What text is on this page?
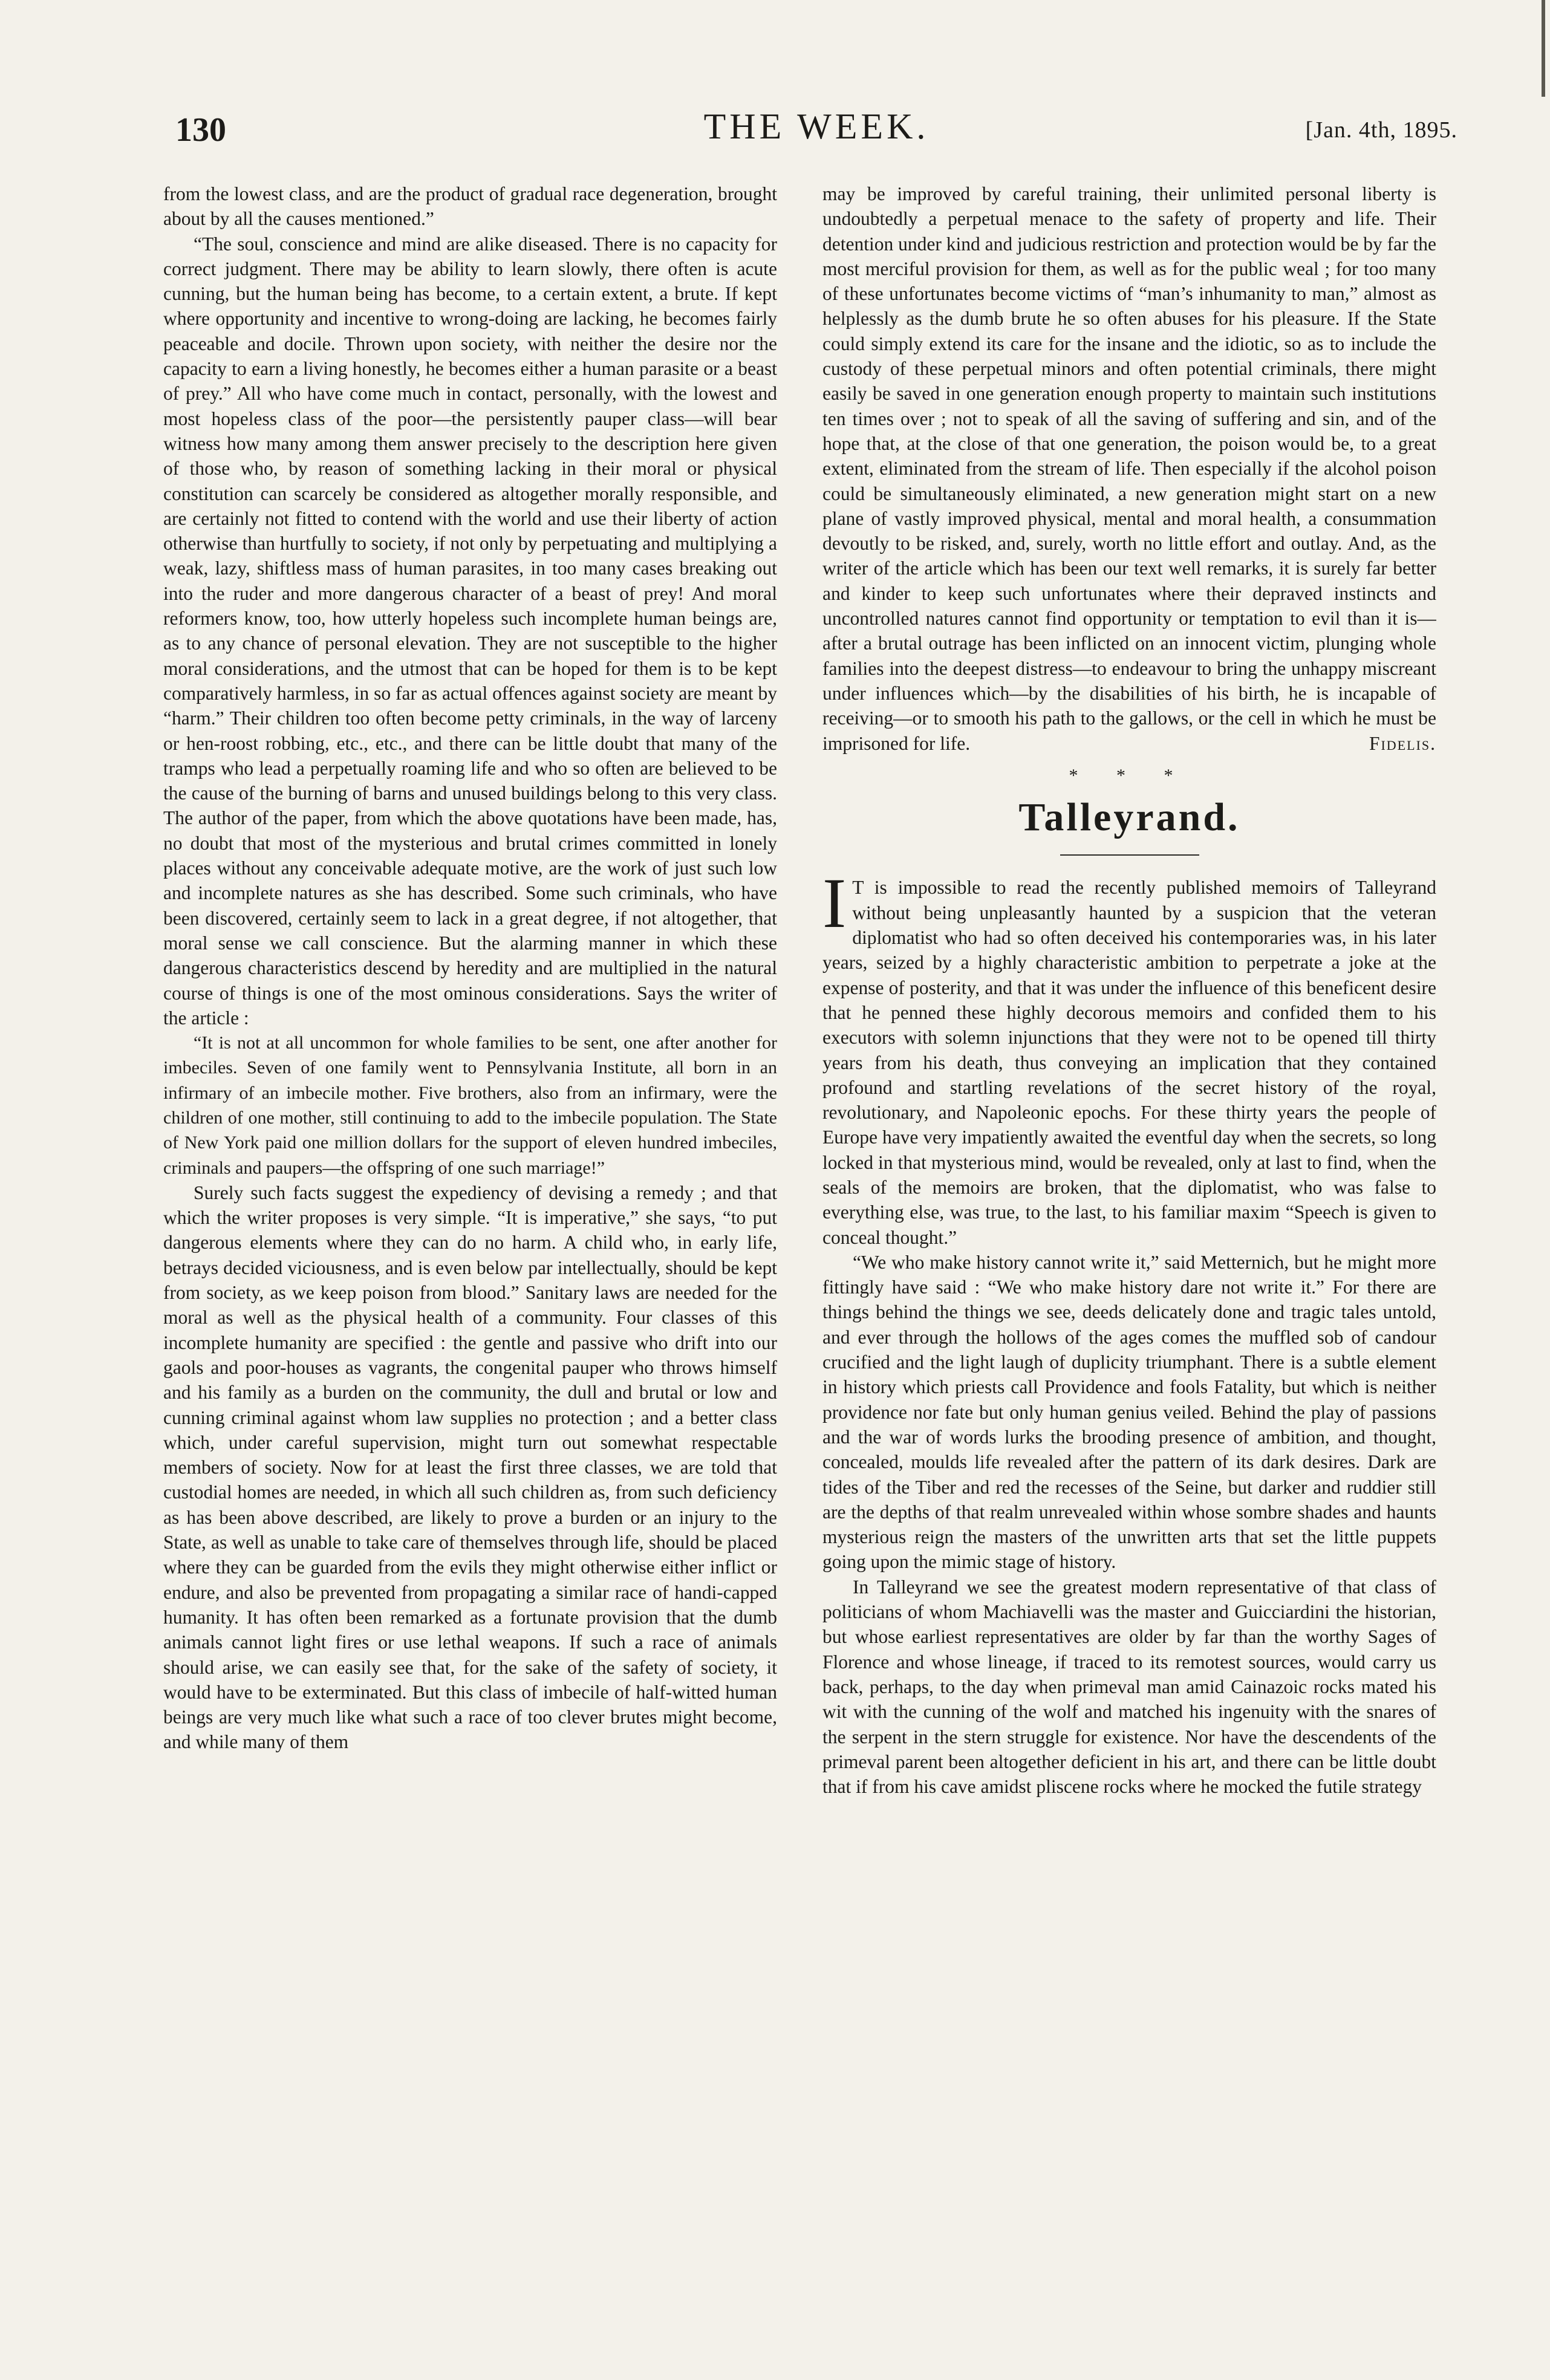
130	THE WEEK.	[Jan. 4th, 1895.

from the lowest class, and are the product of gradual race degeneration, brought about by all the causes mentioned.”

“The soul, conscience and mind are alike diseased. There is no capacity for correct judgment. There may be ability to learn slowly, there often is acute cunning, but the human being has become, to a certain extent, a brute. If kept where opportunity and incentive to wrong-doing are lacking, he becomes fairly peaceable and docile. Thrown upon society, with neither the desire nor the capacity to earn a living honestly, he becomes either a human parasite or a beast of prey.” All who have come much in contact, personally, with the lowest and most hopeless class of the poor—the persistently pauper class—will bear witness how many among them answer precisely to the description here given of those who, by reason of something lacking in their moral or physical constitution can scarcely be considered as altogether morally responsible, and are certainly not fitted to contend with the world and use their liberty of action otherwise than hurtfully to society, if not only by perpetuating and multiplying a weak, lazy, shiftless mass of human parasites, in too many cases breaking out into the ruder and more dangerous character of a beast of prey! And moral reformers know, too, how utterly hopeless such incomplete human beings are, as to any chance of personal elevation. They are not susceptible to the higher moral considerations, and the utmost that can be hoped for them is to be kept comparatively harmless, in so far as actual offences against society are meant by “harm.” Their children too often become petty criminals, in the way of larceny or hen-roost robbing, etc., etc., and there can be little doubt that many of the tramps who lead a perpetually roaming life and who so often are believed to be the cause of the burning of barns and unused buildings belong to this very class. The author of the paper, from which the above quotations have been made, has, no doubt that most of the mysterious and brutal crimes committed in lonely places without any conceivable adequate motive, are the work of just such low and incomplete natures as she has described. Some such criminals, who have been discovered, certainly seem to lack in a great degree, if not altogether, that moral sense we call conscience. But the alarming manner in which these dangerous characteristics descend by heredity and are multiplied in the natural course of things is one of the most ominous considerations. Says the writer of the article :

“It is not at all uncommon for whole families to be sent, one after another for imbeciles. Seven of one family went to Pennsylvania Institute, all born in an infirmary of an imbecile mother. Five brothers, also from an infirmary, were the children of one mother, still continuing to add to the imbecile population. The State of New York paid one million dollars for the support of eleven hundred imbeciles, criminals and paupers—the offspring of one such marriage!”

Surely such facts suggest the expediency of devising a remedy ; and that which the writer proposes is very simple. “It is imperative,” she says, “to put dangerous elements where they can do no harm. A child who, in early life, betrays decided viciousness, and is even below par intellectually, should be kept from society, as we keep poison from blood.” Sanitary laws are needed for the moral as well as the physical health of a community. Four classes of this incomplete humanity are specified : the gentle and passive who drift into our gaols and poor-houses as vagrants, the congenital pauper who throws himself and his family as a burden on the community, the dull and brutal or low and cunning criminal against whom law supplies no protection ; and a better class which, under careful supervision, might turn out somewhat respectable members of society. Now for at least the first three classes, we are told that custodial homes are needed, in which all such children as, from such deficiency as has been above described, are likely to prove a burden or an injury to the State, as well as unable to take care of themselves through life, should be placed where they can be guarded from the evils they might otherwise either inflict or endure, and also be prevented from propagating a similar race of handi-capped humanity. It has often been remarked as a fortunate provision that the dumb animals cannot light fires or use lethal weapons. If such a race of animals should arise, we can easily see that, for the sake of the safety of society, it would have to be exterminated. But this class of imbecile of half-witted human beings are very much like what such a race of too clever brutes might become, and while many of them

may be improved by careful training, their unlimited personal liberty is undoubtedly a perpetual menace to the safety of property and life. Their detention under kind and judicious restriction and protection would be by far the most merciful provision for them, as well as for the public weal ; for too many of these unfortunates become victims of “man’s inhumanity to man,” almost as helplessly as the dumb brute he so often abuses for his pleasure. If the State could simply extend its care for the insane and the idiotic, so as to include the custody of these perpetual minors and often potential criminals, there might easily be saved in one generation enough property to maintain such institutions ten times over ; not to speak of all the saving of suffering and sin, and of the hope that, at the close of that one generation, the poison would be, to a great extent, eliminated from the stream of life. Then especially if the alcohol poison could be simultaneously eliminated, a new generation might start on a new plane of vastly improved physical, mental and moral health, a consummation devoutly to be risked, and, surely, worth no little effort and outlay. And, as the writer of the article which has been our text well remarks, it is surely far better and kinder to keep such unfortunates where their depraved instincts and uncontrolled natures cannot find opportunity or temptation to evil than it is—after a brutal outrage has been inflicted on an innocent victim, plunging whole families into the deepest distress—to endeavour to bring the unhappy miscreant under influences which—by the disabilities of his birth, he is incapable of receiving—or to smooth his path to the gallows, or the cell in which he must be imprisoned for life.	Fidelis.
* * *
Talleyrand.

I T is impossible to read the recently published memoirs of Talleyrand without being unpleasantly haunted by a suspicion that the veteran diplomatist who had so often deceived his contemporaries was, in his later years, seized by a highly characteristic ambition to perpetrate a joke at the expense of posterity, and that it was under the influence of this beneficent desire that he penned these highly decorous memoirs and confided them to his executors with solemn injunctions that they were not to be opened till thirty years from his death, thus conveying an implication that they contained profound and startling revelations of the secret history of the royal, revolutionary, and Napoleonic epochs. For these thirty years the people of Europe have very impatiently awaited the eventful day when the secrets, so long locked in that mysterious mind, would be revealed, only at last to find, when the seals of the memoirs are broken, that the diplomatist, who was false to everything else, was true, to the last, to his familiar maxim “Speech is given to conceal thought.”

“We who make history cannot write it,” said Metternich, but he might more fittingly have said : “We who make history dare not write it.” For there are things behind the things we see, deeds delicately done and tragic tales untold, and ever through the hollows of the ages comes the muffled sob of candour crucified and the light laugh of duplicity triumphant. There is a subtle element in history which priests call Providence and fools Fatality, but which is neither providence nor fate but only human genius veiled. Behind the play of passions and the war of words lurks the brooding presence of ambition, and thought, concealed, moulds life revealed after the pattern of its dark desires. Dark are tides of the Tiber and red the recesses of the Seine, but darker and ruddier still are the depths of that realm unrevealed within whose sombre shades and haunts mysterious reign the masters of the unwritten arts that set the little puppets going upon the mimic stage of history.

In Talleyrand we see the greatest modern representative of that class of politicians of whom Machiavelli was the master and Guicciardini the historian, but whose earliest representatives are older by far than the worthy Sages of Florence and whose lineage, if traced to its remotest sources, would carry us back, perhaps, to the day when primeval man amid Cainazoic rocks mated his wit with the cunning of the wolf and matched his ingenuity with the snares of the serpent in the stern struggle for existence. Nor have the descendents of the primeval parent been altogether deficient in his art, and there can be little doubt that if from his cave amidst pliscene rocks where he mocked the futile strategy
